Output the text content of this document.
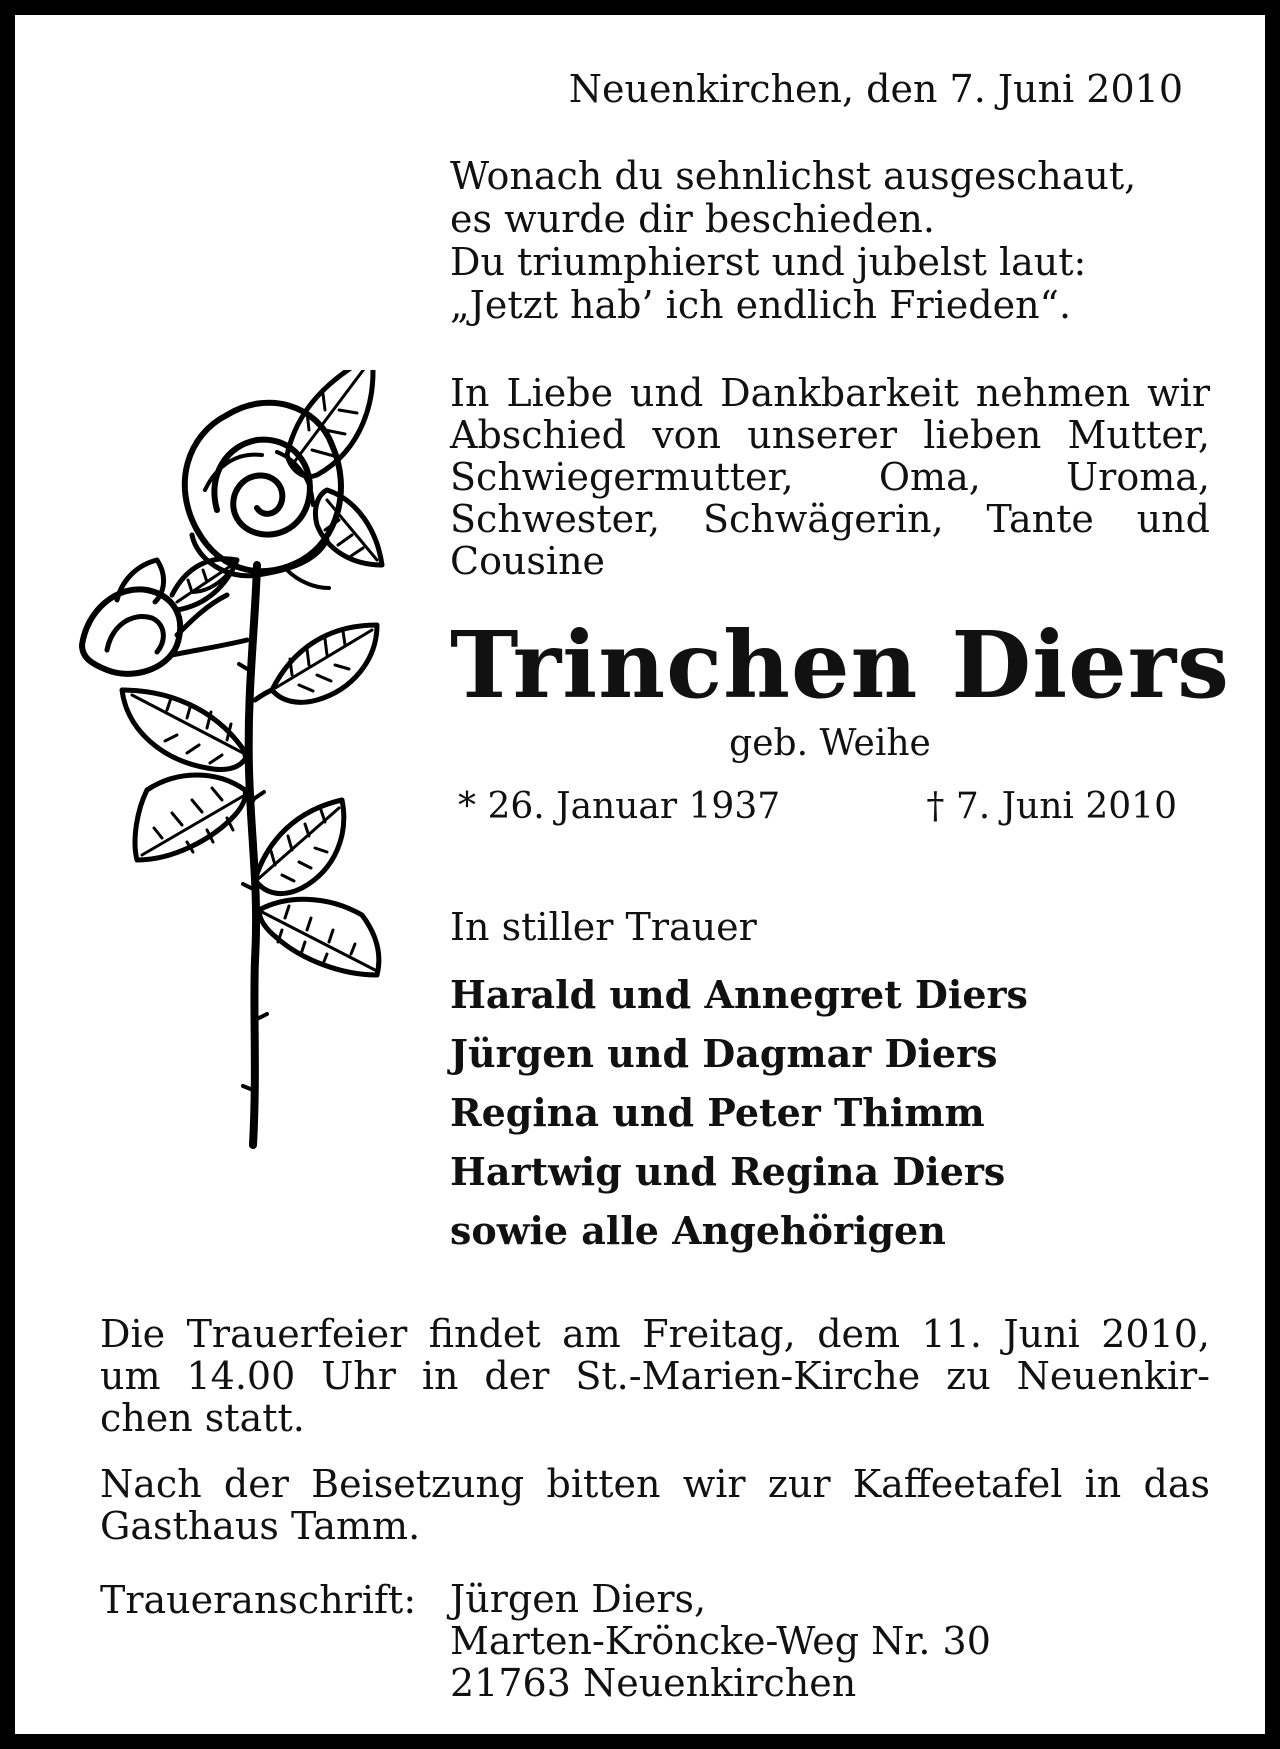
Neuenkirchen, den 7. Juni 2010
Wonach du sehnlichst ausgeschaut,
es wurde dir beschieden.
Du triumphierst und jubelst laut:
„Jetzt hab’ ich endlich Frieden“.
In Liebe und Dankbarkeit nehmen wir
Abschied von unserer lieben Mutter,
Schwiegermutter, Oma, Uroma,
Schwester, Schwägerin, Tante und
Cousine
Trinchen Diers
geb. Weihe
* 26. Januar 1937	† 7. Juni 2010
In stiller Trauer
Harald und Annegret Diers
Jürgen und Dagmar Diers
Regina und Peter Thimm
Hartwig und Regina Diers
sowie alle Angehörigen
Die Trauerfeier findet am Freitag, dem 11. Juni 2010,
um 14.00 Uhr in der St.-Marien-Kirche zu Neuenkir-
chen statt.
Nach der Beisetzung bitten wir zur Kaffeetafel in das
Gasthaus Tamm.
Traueranschrift: Jürgen Diers,
Marten-Kröncke-Weg Nr. 30
21763 Neuenkirchen
